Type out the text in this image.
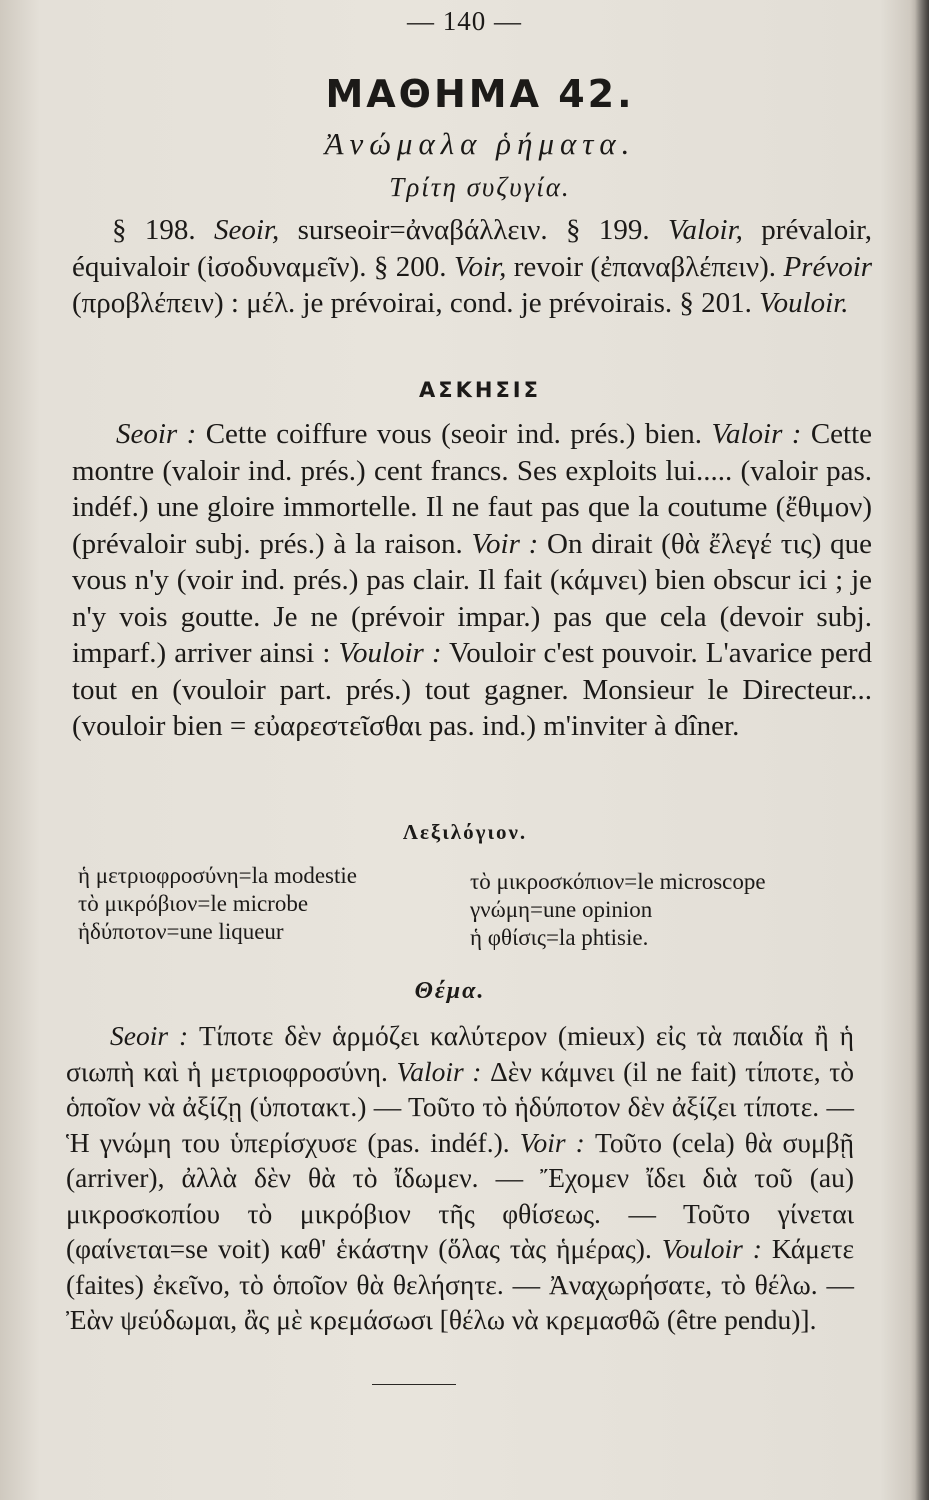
— 140 —
ΜΑΘΗΜΑ 42.
Ἀνώμαλα ῥήματα.
Τρίτη συζυγία.
§ 198. Seoir, surseoir=ἀναβάλλειν. § 199. Valoir, prévaloir, équivaloir (ἰσοδυναμεῖν). § 200. Voir, revoir (ἐπαναβλέπειν). Prévoir (προβλέπειν) : μέλ. je prévoirai, cond. je prévoirais. § 201. Vouloir.
ΑΣΚΗΣΙΣ
Seoir : Cette coiffure vous (seoir ind. prés.) bien. Valoir : Cette montre (valoir ind. prés.) cent francs. Ses exploits lui..... (valoir pas. indéf.) une gloire immortelle. Il ne faut pas que la coutume (ἔθιμον) (prévaloir subj. prés.) à la raison. Voir : On dirait (θὰ ἔλεγέ τις) que vous n'y (voir ind. prés.) pas clair. Il fait (κάμνει) bien obscur ici ; je n'y vois goutte. Je ne (prévoir impar.) pas que cela (devoir subj. imparf.) arriver ainsi : Vouloir : Vouloir c'est pouvoir. L'avarice perd tout en (vouloir part. prés.) tout gagner. Monsieur le Directeur... (vouloir bien = εὐαρεστεῖσθαι pas. ind.) m'inviter à dîner.
Λεξιλόγιον.
ἡ μετριοφροσύνη=la modestie
τὸ μικρόβιον=le microbe
ἡδύποτον=une liqueur
τὸ μικροσκόπιον=le microscope
γνώμη=une opinion
ἡ φθίσις=la phtisie.
Θέμα.
Seoir : Τίποτε δὲν ἁρμόζει καλύτερον (mieux) εἰς τὰ παιδία ἢ ἡ σιωπὴ καὶ ἡ μετριοφροσύνη. Valoir : Δὲν κάμνει (il ne fait) τίποτε, τὸ ὁποῖον νὰ ἀξίζῃ (ὑποτακτ.) — Τοῦτο τὸ ἡδύποτον δὲν ἀξίζει τίποτε. — Ἡ γνώμη του ὑπερίσχυσε (pas. indéf.). Voir : Τοῦτο (cela) θὰ συμβῇ (arriver), ἀλλὰ δὲν θὰ τὸ ἴδωμεν. — Ἔχομεν ἴδει διὰ τοῦ (au) μικροσκοπίου τὸ μικρόβιον τῆς φθίσεως. — Τοῦτο γίνεται (φαίνεται=se voit) καθ' ἑκάστην (ὅλας τὰς ἡμέρας). Vouloir : Κάμετε (faites) ἐκεῖνο, τὸ ὁποῖον θὰ θελήσητε. — Ἀναχωρήσατε, τὸ θέλω. — Ἐὰν ψεύδωμαι, ἂς μὲ κρεμάσωσι [θέλω νὰ κρεμασθῶ (être pendu)].
